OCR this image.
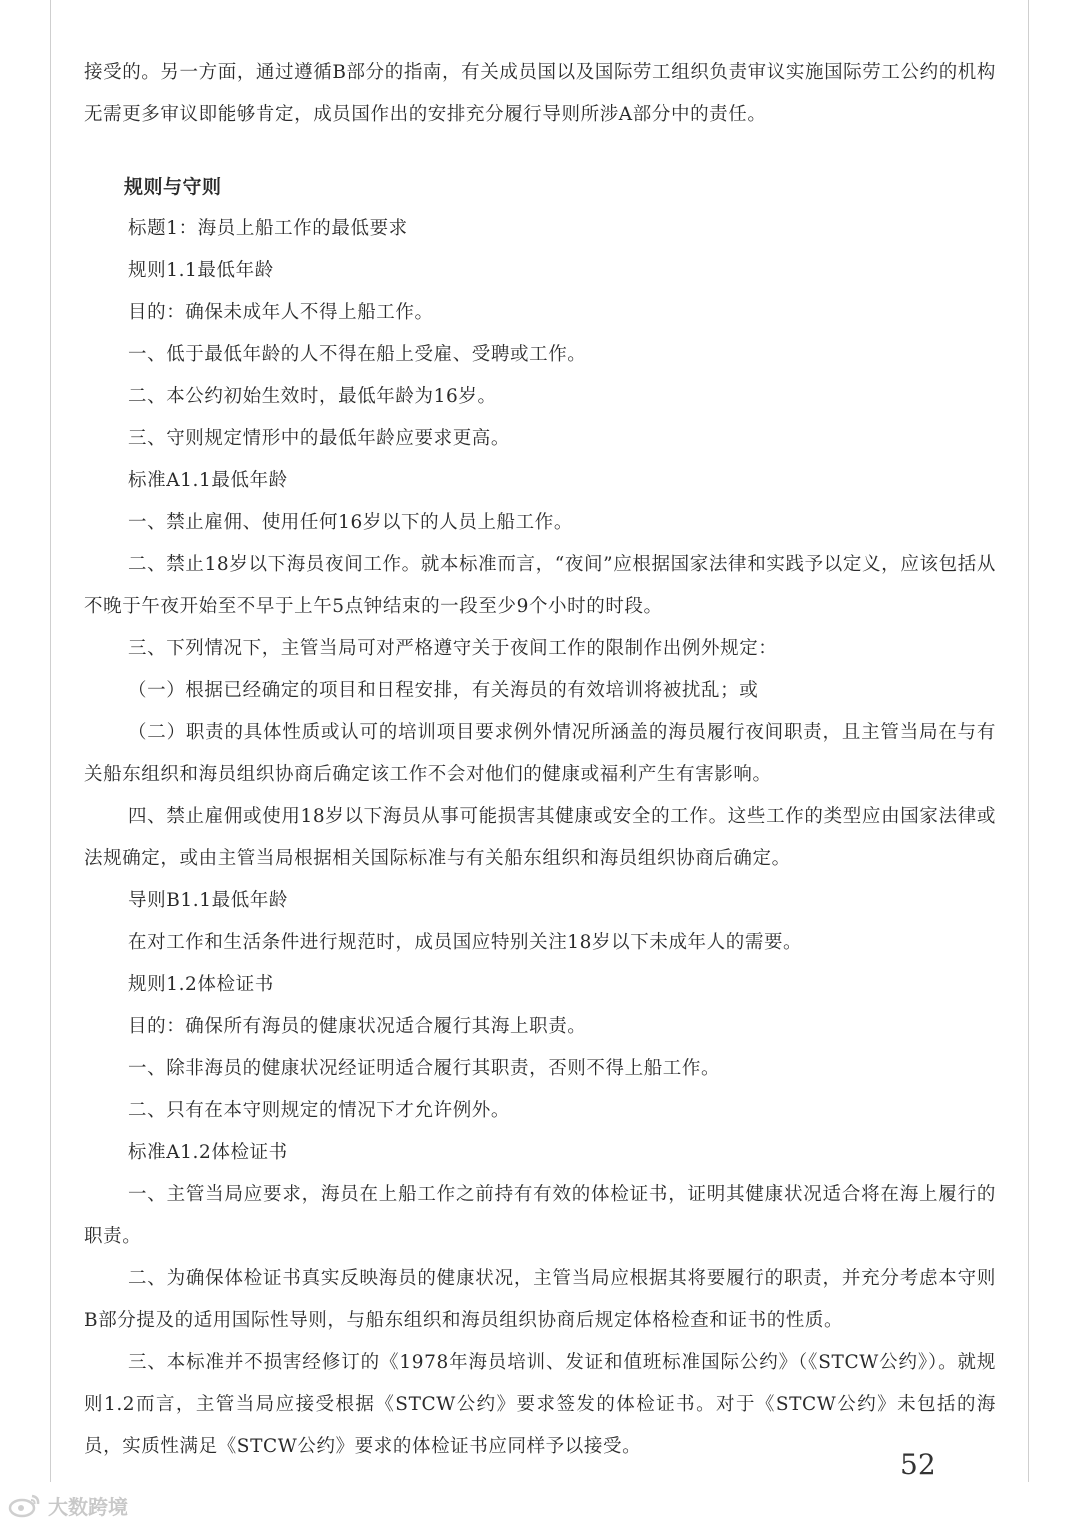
接受的。另一方面，通过遵循B部分的指南，有关成员国以及国际劳工组织负责审议实施国际劳工公约的机构无需更多审议即能够肯定，成员国作出的安排充分履行导则所涉A部分中的责任。

规则与守则

标题1：海员上船工作的最低要求

规则1.1最低年龄

目的：确保未成年人不得上船工作。

一、低于最低年龄的人不得在船上受雇、受聘或工作。

二、本公约初始生效时，最低年龄为16岁。

三、守则规定情形中的最低年龄应要求更高。

标准A1.1最低年龄

一、禁止雇佣、使用任何16岁以下的人员上船工作。

二、禁止18岁以下海员夜间工作。就本标准而言，“夜间”应根据国家法律和实践予以定义，应该包括从不晚于午夜开始至不早于上午5点钟结束的一段至少9个小时的时段。

三、下列情况下，主管当局可对严格遵守关于夜间工作的限制作出例外规定：

（一）根据已经确定的项目和日程安排，有关海员的有效培训将被扰乱；或

（二）职责的具体性质或认可的培训项目要求例外情况所涵盖的海员履行夜间职责，且主管当局在与有关船东组织和海员组织协商后确定该工作不会对他们的健康或福利产生有害影响。

四、禁止雇佣或使用18岁以下海员从事可能损害其健康或安全的工作。这些工作的类型应由国家法律或法规确定，或由主管当局根据相关国际标准与有关船东组织和海员组织协商后确定。

导则B1.1最低年龄

在对工作和生活条件进行规范时，成员国应特别关注18岁以下未成年人的需要。

规则1.2体检证书

目的：确保所有海员的健康状况适合履行其海上职责。

一、除非海员的健康状况经证明适合履行其职责，否则不得上船工作。

二、只有在本守则规定的情况下才允许例外。

标准A1.2体检证书

一、主管当局应要求，海员在上船工作之前持有有效的体检证书，证明其健康状况适合将在海上履行的职责。

二、为确保体检证书真实反映海员的健康状况，主管当局应根据其将要履行的职责，并充分考虑本守则B部分提及的适用国际性导则，与船东组织和海员组织协商后规定体格检查和证书的性质。

三、本标准并不损害经修订的《1978年海员培训、发证和值班标准国际公约》（《STCW公约》）。就规则1.2而言，主管当局应接受根据《STCW公约》要求签发的体检证书。对于《STCW公约》未包括的海员，实质性满足《STCW公约》要求的体检证书应同样予以接受。

52
大数跨境
